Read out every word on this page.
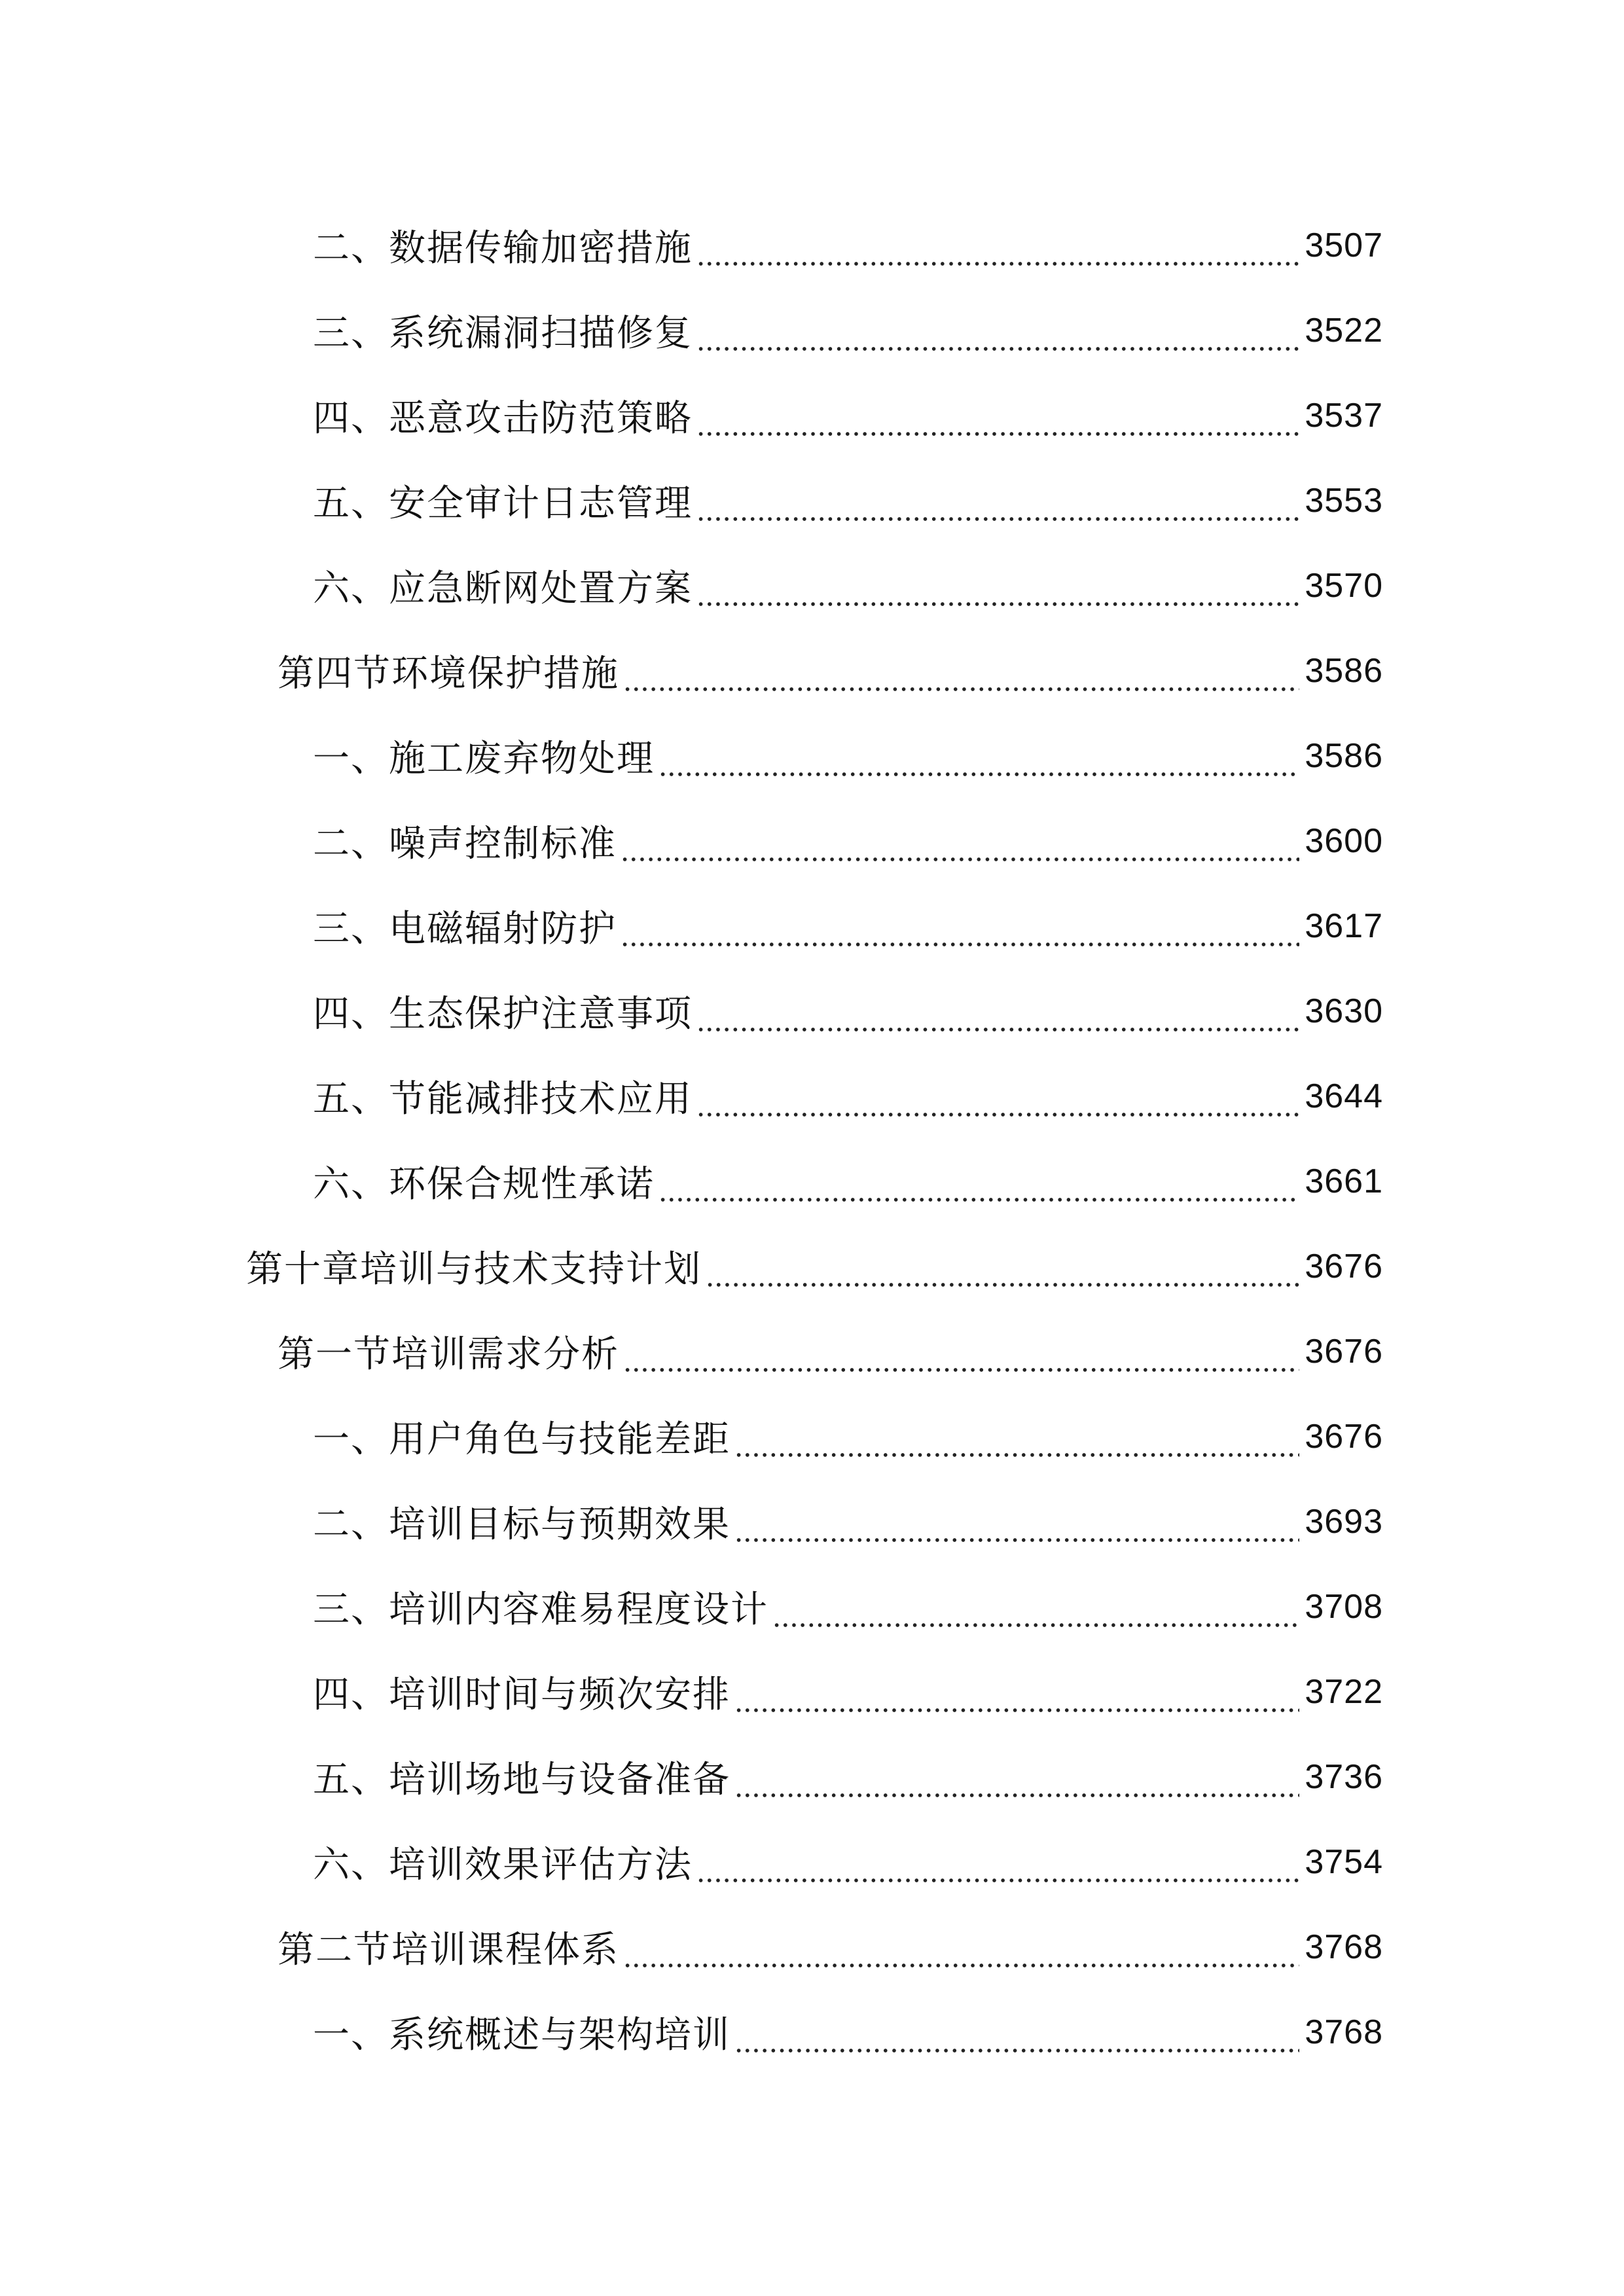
二、数据传输加密措施	3507
三、系统漏洞扫描修复	3522
四、恶意攻击防范策略	3537
五、安全审计日志管理	3553
六、应急断网处置方案	3570
第四节环境保护措施	3586
一、施工废弃物处理	3586
二、噪声控制标准	3600
三、电磁辐射防护	3617
四、生态保护注意事项	3630
五、节能减排技术应用	3644
六、环保合规性承诺	3661
第十章培训与技术支持计划	3676
第一节培训需求分析	3676
一、用户角色与技能差距	3676
二、培训目标与预期效果	3693
三、培训内容难易程度设计	3708
四、培训时间与频次安排	3722
五、培训场地与设备准备	3736
六、培训效果评估方法	3754
第二节培训课程体系	3768
一、系统概述与架构培训	3768
